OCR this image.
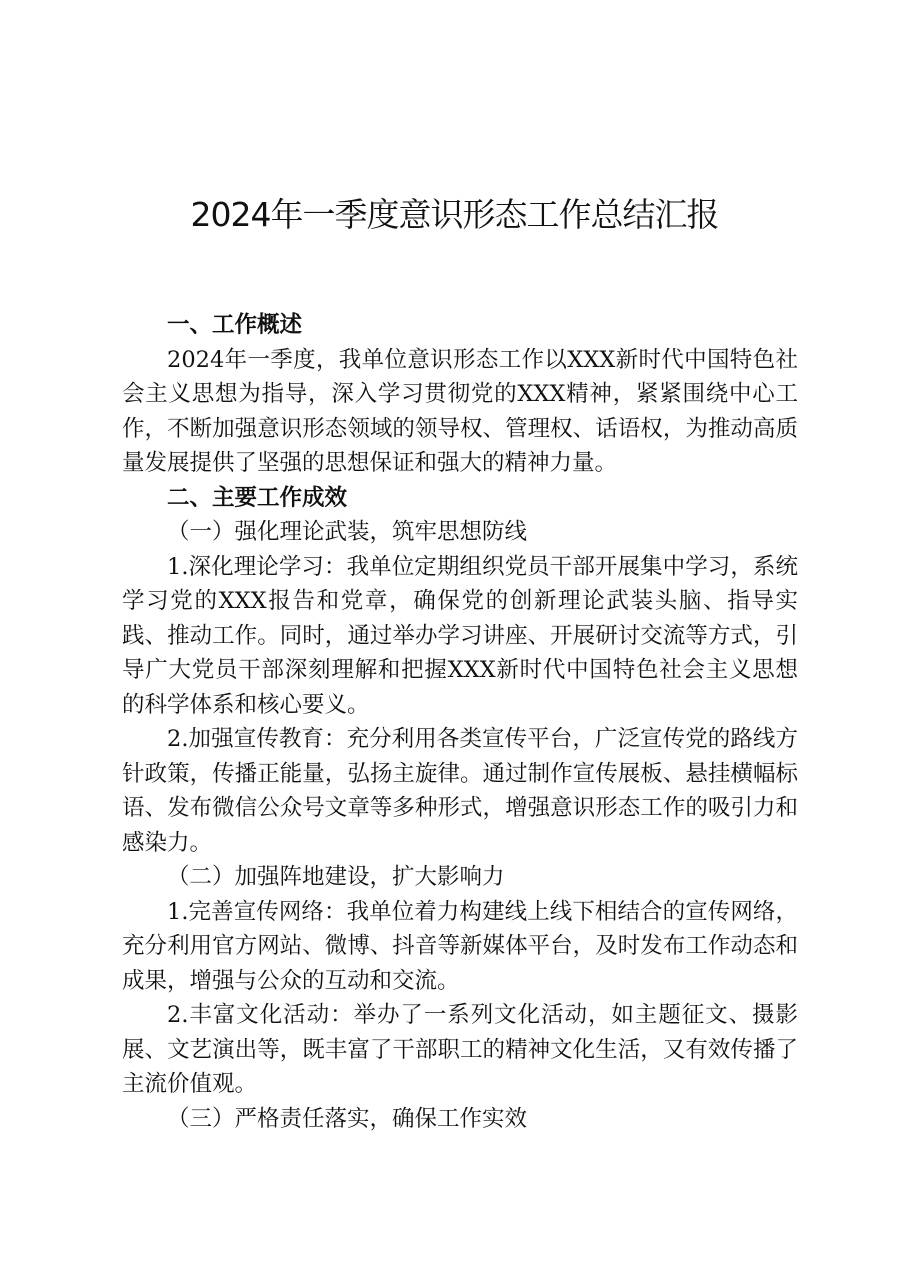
2024年一季度意识形态工作总结汇报
一、工作概述

2024年一季度，我单位意识形态工作以XXX新时代中国特色社会主义思想为指导，深入学习贯彻党的XXX精神，紧紧围绕中心工作，不断加强意识形态领域的领导权、管理权、话语权，为推动高质量发展提供了坚强的思想保证和强大的精神力量。

二、主要工作成效
（一）强化理论武装，筑牢思想防线

1.深化理论学习：我单位定期组织党员干部开展集中学习，系统学习党的XXX报告和党章，确保党的创新理论武装头脑、指导实践、推动工作。同时，通过举办学习讲座、开展研讨交流等方式，引导广大党员干部深刻理解和把握XXX新时代中国特色社会主义思想的科学体系和核心要义。

2.加强宣传教育：充分利用各类宣传平台，广泛宣传党的路线方针政策，传播正能量，弘扬主旋律。通过制作宣传展板、悬挂横幅标语、发布微信公众号文章等多种形式，增强意识形态工作的吸引力和感染力。

（二）加强阵地建设，扩大影响力

1.完善宣传网络：我单位着力构建线上线下相结合的宣传网络，充分利用官方网站、微博、抖音等新媒体平台，及时发布工作动态和成果，增强与公众的互动和交流。

2.丰富文化活动：举办了一系列文化活动，如主题征文、摄影展、文艺演出等，既丰富了干部职工的精神文化生活，又有效传播了主流价值观。

（三）严格责任落实，确保工作实效
